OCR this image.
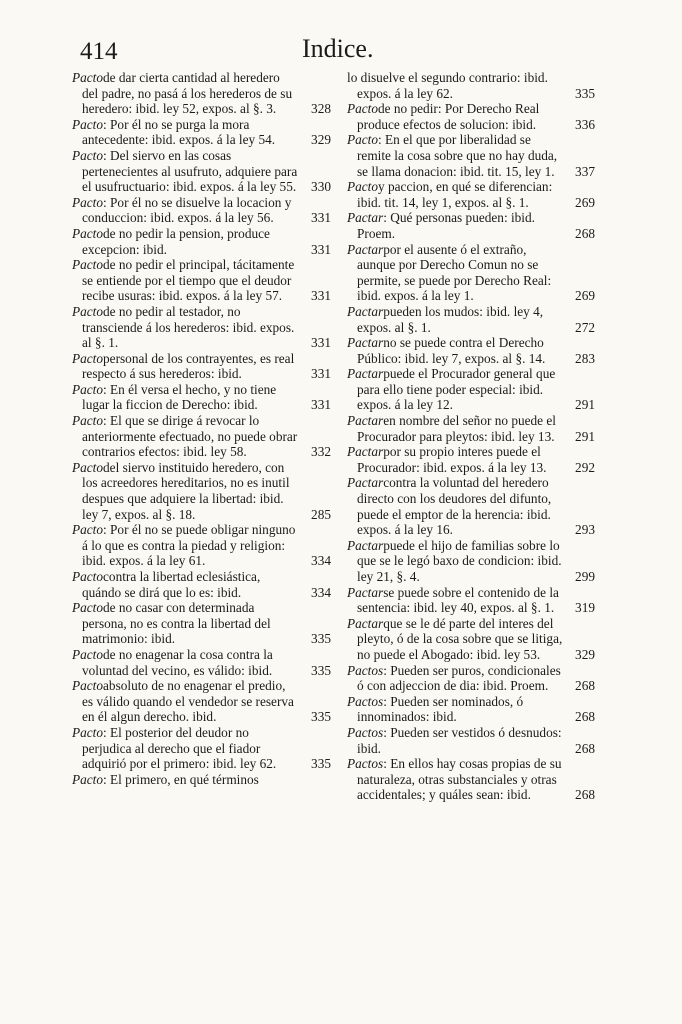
414	Indice.
Pactode dar cierta cantidad al heredero del padre, no pasá á los herederos de su heredero: ibid. ley 52, expos. al §. 3.	328
Pacto: Por él no se purga la mora antecedente: ibid. expos. á la ley 54.	329
Pacto: Del siervo en las cosas pertenecientes al usufruto, adquiere para el usufructuario: ibid. expos. á la ley 55. 330
Pacto: Por él no se disuelve la locacion y conduccion: ibid. expos. á la ley 56.	331
Pactode no pedir la pension, produce excepcion: ibid.	331
Pactode no pedir el principal, tácitamente se entiende por el tiempo que el deudor recibe usuras: ibid. expos. á la ley 57. 331
Pactode no pedir al testador, no transciende á los herederos: ibid. expos. al §. 1.	331
Pactopersonal de los contrayentes, es real respecto á sus herederos: ibid.	331
Pacto: En él versa el hecho, y no tiene lugar la ficcion de Derecho: ibid.	331
Pacto: El que se dirige á revocar lo anteriormente efectuado, no puede obrar contrarios efectos: ibid. ley 58.	332
Pactodel siervo instituido heredero, con los acreedores hereditarios, no es inutil despues que adquiere la libertad: ibid. ley 7, expos. al §. 18.	285
Pacto: Por él no se puede obligar ninguno á lo que es contra la piedad y religion: ibid. expos. á la ley 61.	334
Pactocontra la libertad eclesiástica, quándo se dirá que lo es: ibid.	334
Pactode no casar con determinada persona, no es contra la libertad del matrimonio: ibid.	335
Pactode no enagenar la cosa contra la voluntad del vecino, es válido: ibid.	335
Pactoabsoluto de no enagenar el predio, es válido quando el vendedor se reserva en él algun derecho. ibid.	335
Pacto: El posterior del deudor no perjudica al derecho que el fiador adquirió por el primero: ibid. ley 62.	335
Pacto: El primero, en qué términos
lo disuelve el segundo contrario: ibid. expos. á la ley 62.	335
Pactode no pedir: Por Derecho Real produce efectos de solucion: ibid.	336
Pacto: En el que por liberalidad se remite la cosa sobre que no hay duda, se llama donacion: ibid. tit. 15, ley 1. 337
Pactoy paccion, en qué se diferencian: ibid. tit. 14, ley 1, expos. al §. 1.	269
Pactar: Qué personas pueden: ibid. Proem.	268
Pactarpor el ausente ó el extraño, aunque por Derecho Comun no se permite, se puede por Derecho Real: ibid. expos. á la ley 1.	269
Pactarpueden los mudos: ibid. ley 4, expos. al §. 1.	272
Pactarno se puede contra el Derecho Público: ibid. ley 7, expos. al §. 14. 283
Pactarpuede el Procurador general que para ello tiene poder especial: ibid. expos. á la ley 12.	291
Pactaren nombre del señor no puede el Procurador para pleytos: ibid. ley 13. 291
Pactarpor su propio interes puede el Procurador: ibid. expos. á la ley 13. 292
Pactarcontra la voluntad del heredero directo con los deudores del difunto, puede el emptor de la herencia: ibid. expos. á la ley 16.	293
Pactarpuede el hijo de familias sobre lo que se le legó baxo de condicion: ibid. ley 21, §. 4.	299
Pactarse puede sobre el contenido de la sentencia: ibid. ley 40, expos. al §. 1. 319
Pactarque se le dé parte del interes del pleyto, ó de la cosa sobre que se litiga, no puede el Abogado: ibid. ley 53.	329
Pactos: Pueden ser puros, condicionales ó con adjeccion de dia: ibid. Proem. 268
Pactos: Pueden ser nominados, ó innominados: ibid.	268
Pactos: Pueden ser vestidos ó desnudos: ibid.	268
Pactos: En ellos hay cosas propias de su naturaleza, otras substanciales y otras accidentales; y quáles sean: ibid.	268
